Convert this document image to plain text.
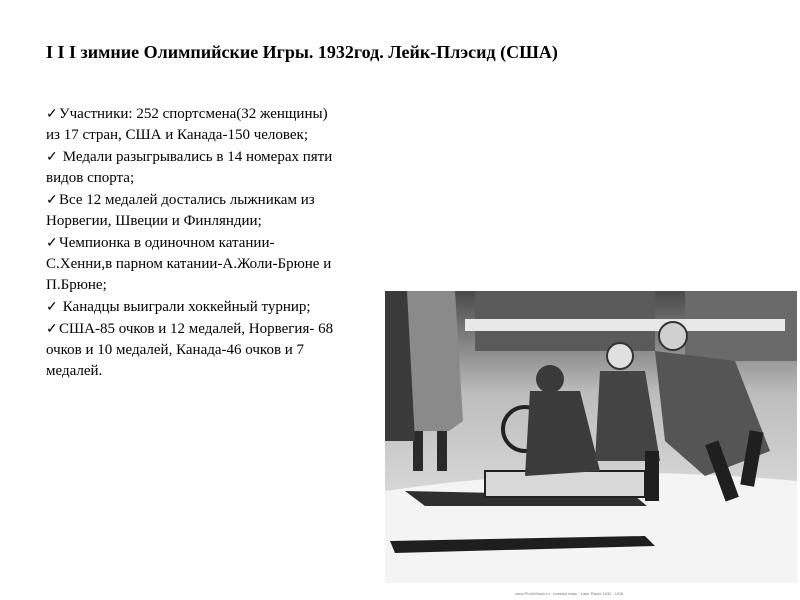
I I I зимние Олимпийские Игры. 1932год. Лейк-Плэсид (США)
✓Участники: 252 спортсмена(32 женщины) из 17 стран, США и Канада-150 человек;
✓ Медали разыгрывались в 14 номерах пяти видов спорта;
✓Все 12 медалей достались лыжникам из Норвегии, Швеции и Финляндии;
✓Чемпионка в одиночном катании-С.Хенни,в парном катании-А.Жоли-Брюне и П.Брюне;
✓ Канадцы выиграли хоккейный турнир;
✓США-85 очков и 12 медалей, Норвегия- 68 очков и 10 медалей, Канада-46 очков и 7 медалей.
www.PhotoStock.ru · bobsled team · Lake Placid 1932 · USA
